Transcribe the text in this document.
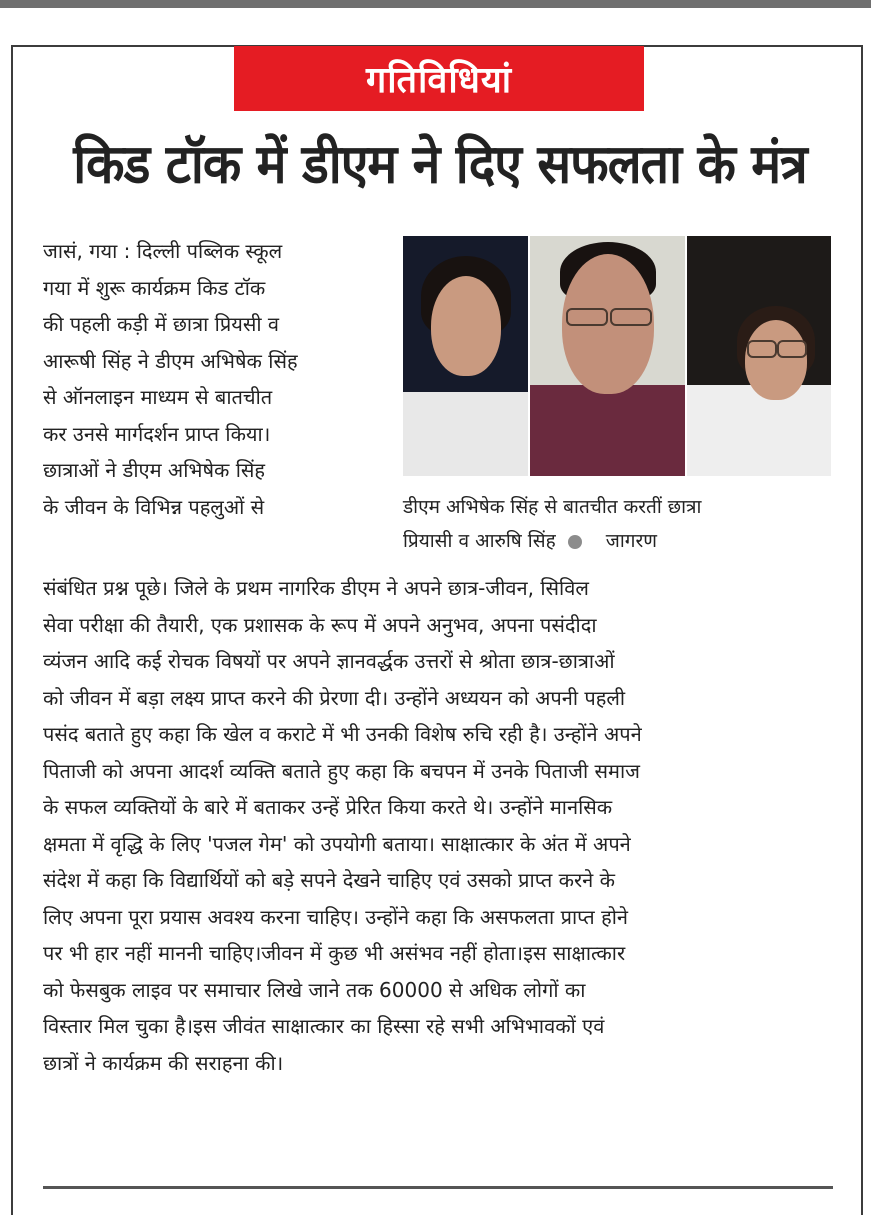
गतिविधियां
किड टॉक में डीएम ने दिए सफलता के मंत्र

जासं, गया : दिल्ली पब्लिक स्कूल

गया में शुरू कार्यक्रम किड टॉक

की पहली कड़ी में छात्रा प्रियसी व

आरूषी सिंह ने डीएम अभिषेक सिंह

से ऑनलाइन माध्यम से बातचीत

कर उनसे मार्गदर्शन प्राप्त किया।

छात्राओं ने डीएम अभिषेक सिंह

के जीवन के विभिन्न पहलुओं से	डीएम अभिषेक सिंह से बातचीत करतीं छात्रा
प्रियासी व आरुषि सिंह	जागरण

संबंधित प्रश्न पूछे। जिले के प्रथम नागरिक डीएम ने अपने छात्र-जीवन, सिविल

सेवा परीक्षा की तैयारी, एक प्रशासक के रूप में अपने अनुभव, अपना पसंदीदा

व्यंजन आदि कई रोचक विषयों पर अपने ज्ञानवर्द्धक उत्तरों से श्रोता छात्र-छात्राओं

को जीवन में बड़ा लक्ष्य प्राप्त करने की प्रेरणा दी। उन्होंने अध्ययन को अपनी पहली

पसंद बताते हुए कहा कि खेल व कराटे में भी उनकी विशेष रुचि रही है। उन्होंने अपने

पिताजी को अपना आदर्श व्यक्ति बताते हुए कहा कि बचपन में उनके पिताजी समाज

के सफल व्यक्तियों के बारे में बताकर उन्हें प्रेरित किया करते थे। उन्होंने मानसिक

क्षमता में वृद्धि के लिए 'पजल गेम' को उपयोगी बताया। साक्षात्कार के अंत में अपने

संदेश में कहा कि विद्यार्थियों को बड़े सपने देखने चाहिए एवं उसको प्राप्त करने के

लिए अपना पूरा प्रयास अवश्य करना चाहिए। उन्होंने कहा कि असफलता प्राप्त होने

पर भी हार नहीं माननी चाहिए।जीवन में कुछ भी असंभव नहीं होता।इस साक्षात्कार

को फेसबुक लाइव पर समाचार लिखे जाने तक 60000 से अधिक लोगों का

विस्तार मिल चुका है।इस जीवंत साक्षात्कार का हिस्सा रहे सभी अभिभावकों एवं

छात्रों ने कार्यक्रम की सराहना की।
